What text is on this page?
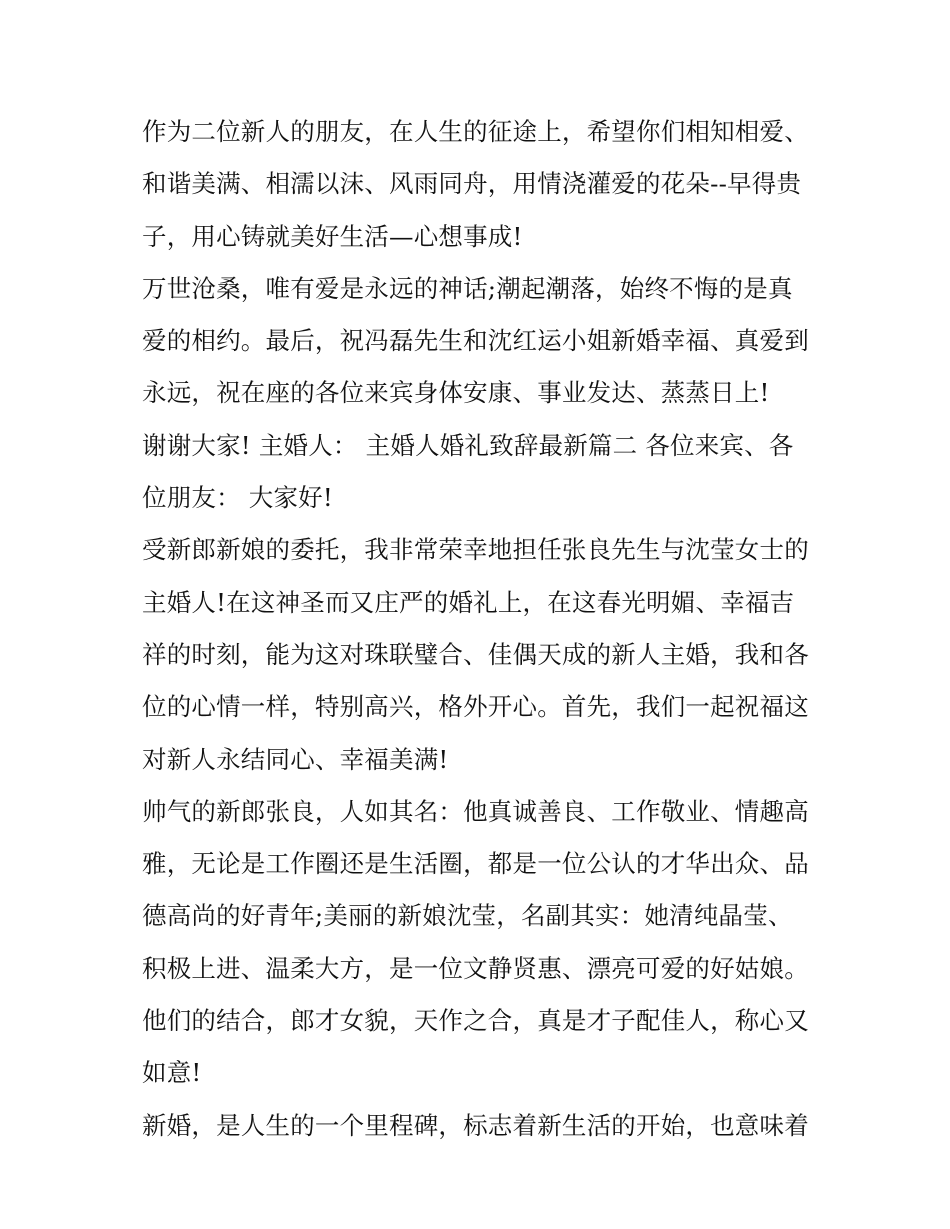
作为二位新人的朋友，在人生的征途上，希望你们相知相爱、
和谐美满、相濡以沫、风雨同舟，用情浇灌爱的花朵--早得贵
子，用心铸就美好生活—心想事成!
万世沧桑，唯有爱是永远的神话;潮起潮落，始终不悔的是真
爱的相约。最后，祝冯磊先生和沈红运小姐新婚幸福、真爱到
永远，祝在座的各位来宾身体安康、事业发达、蒸蒸日上!
谢谢大家! 主婚人： 主婚人婚礼致辞最新篇二 各位来宾、各
位朋友： 大家好!
受新郎新娘的委托，我非常荣幸地担任张良先生与沈莹女士的
主婚人!在这神圣而又庄严的婚礼上，在这春光明媚、幸福吉
祥的时刻，能为这对珠联璧合、佳偶天成的新人主婚，我和各
位的心情一样，特别高兴，格外开心。首先，我们一起祝福这
对新人永结同心、幸福美满!
帅气的新郎张良，人如其名：他真诚善良、工作敬业、情趣高
雅，无论是工作圈还是生活圈，都是一位公认的才华出众、品
德高尚的好青年;美丽的新娘沈莹，名副其实：她清纯晶莹、
积极上进、温柔大方，是一位文静贤惠、漂亮可爱的好姑娘。
他们的结合，郎才女貌，天作之合，真是才子配佳人，称心又
如意!
新婚，是人生的一个里程碑，标志着新生活的开始，也意味着
